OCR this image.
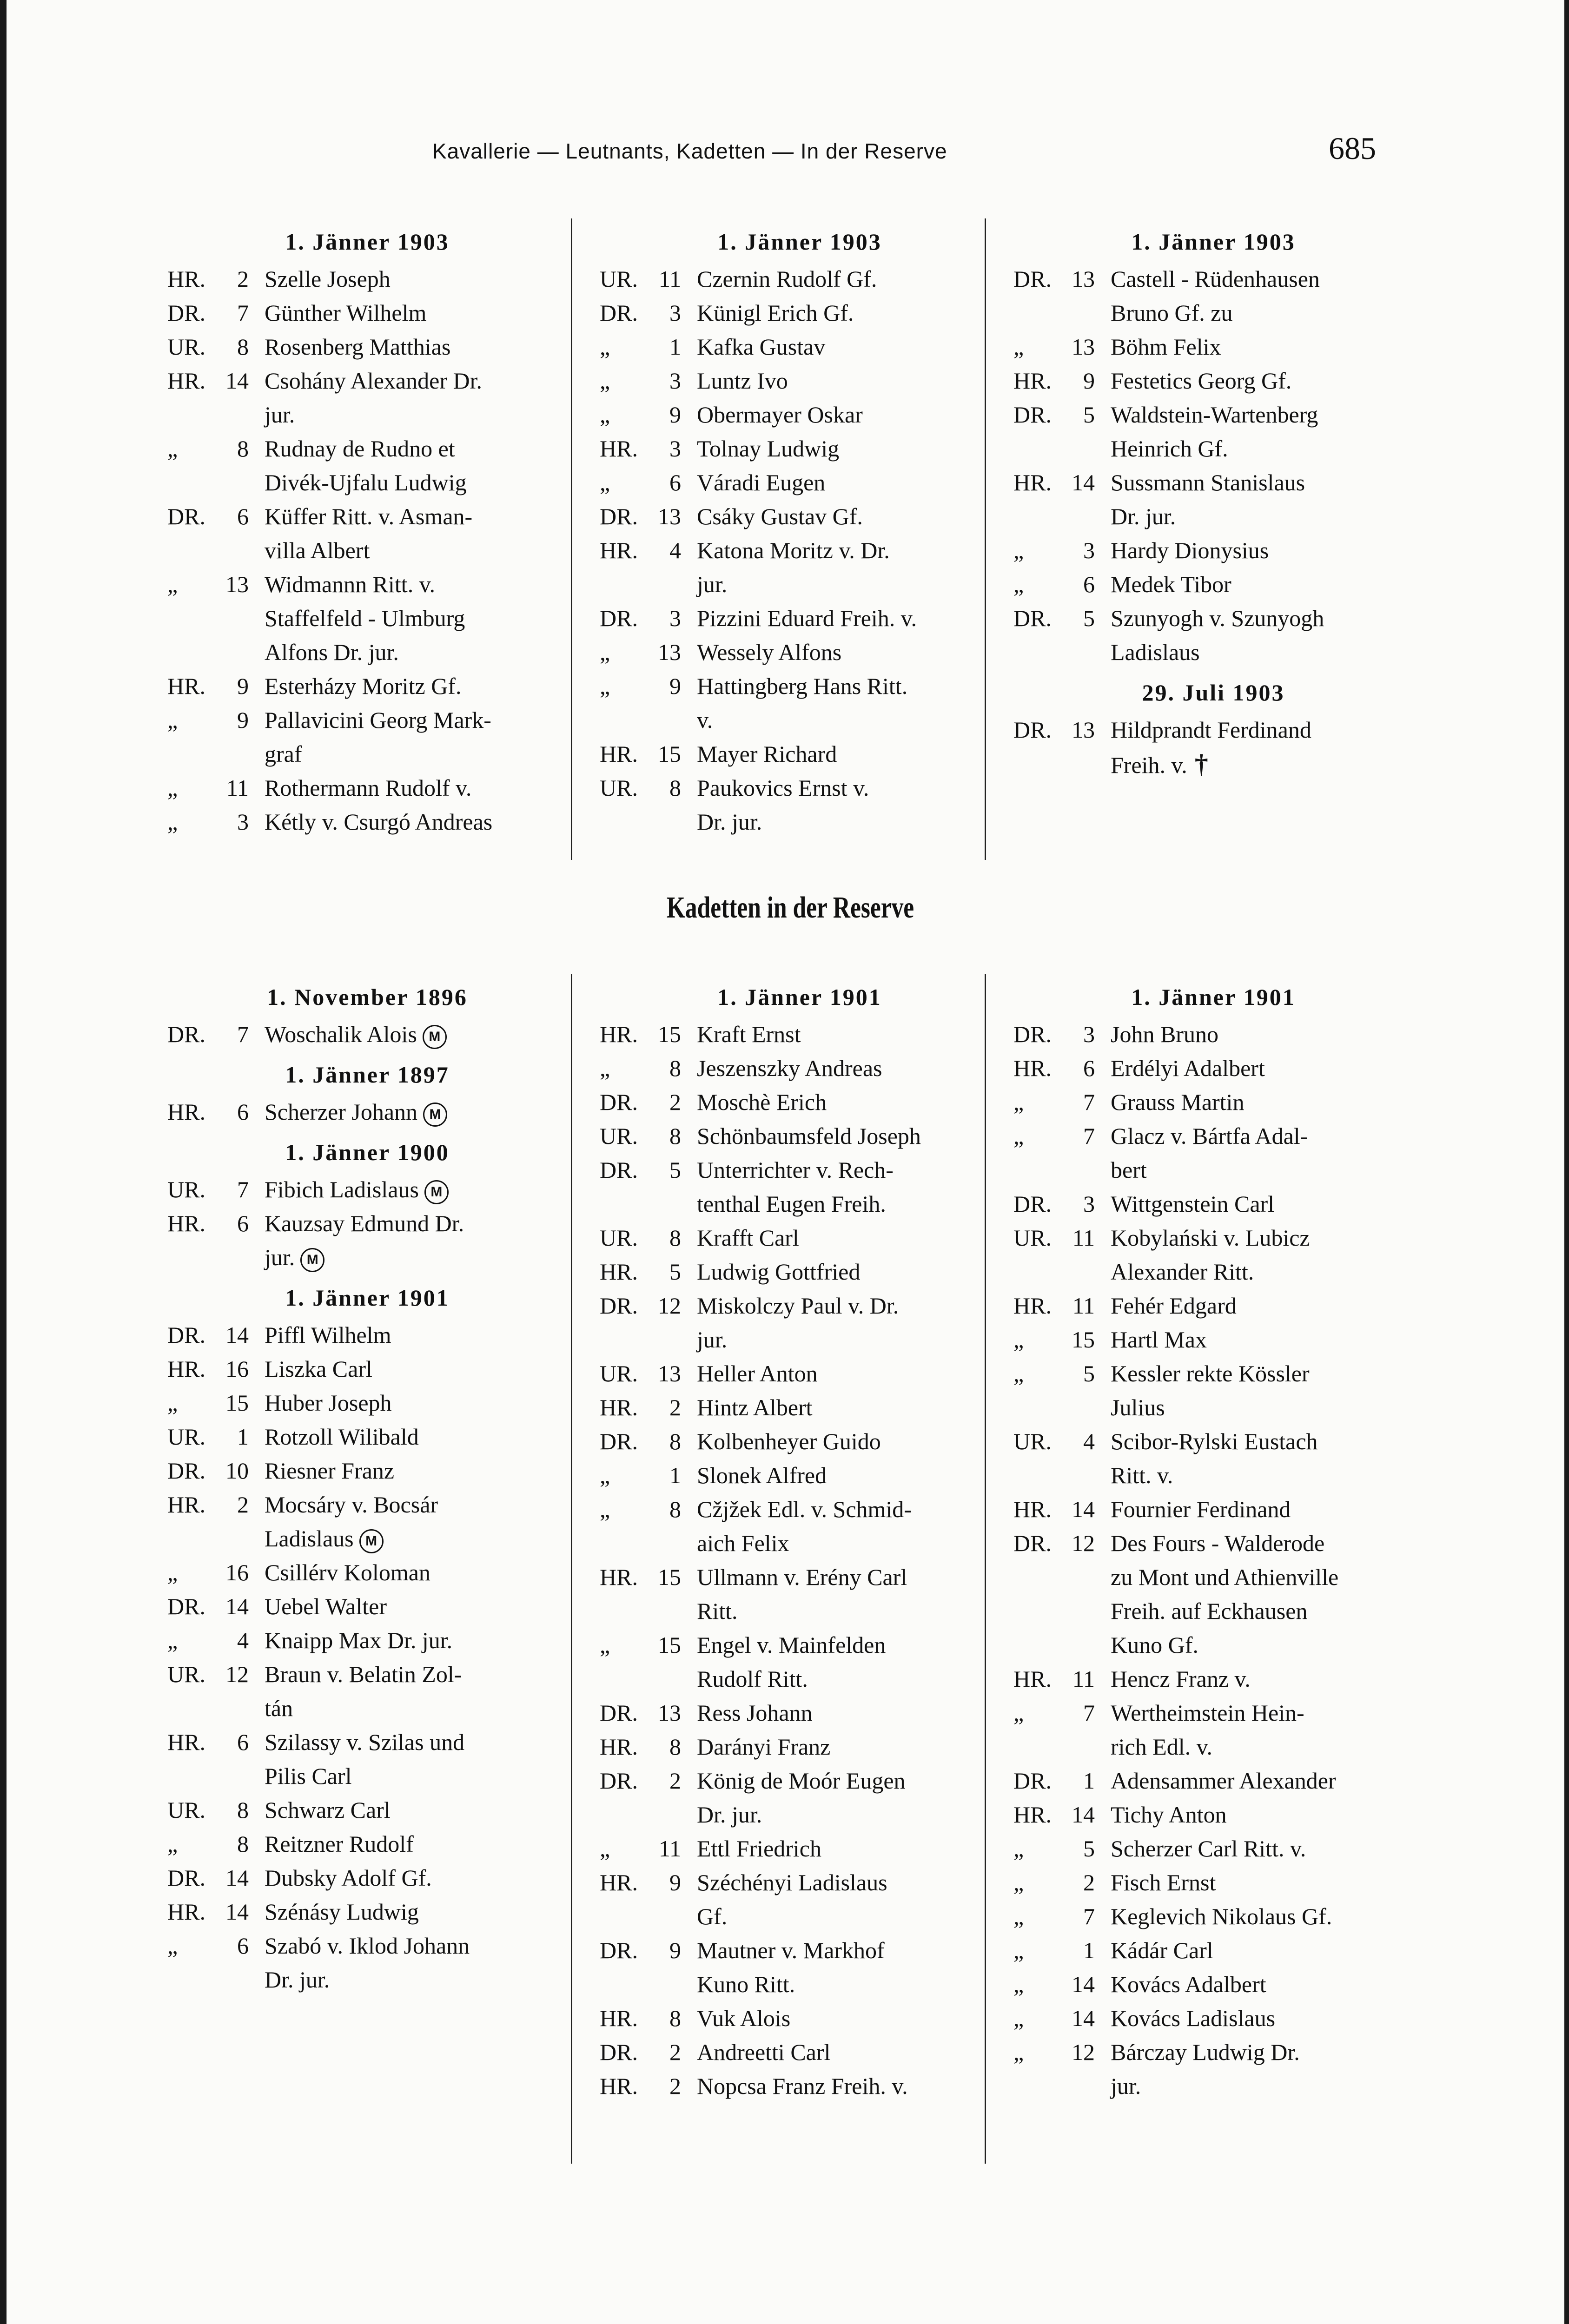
Kavallerie — Leutnants, Kadetten — In der Reserve	685
1. Jänner 1903
HR.	2 Szelle Joseph
DR.	7 Günther Wilhelm
UR.	8 Rosenberg Matthias
HR. 14 Csohány Alexander Dr.
jur.
„	8 Rudnay de Rudno et
Divék-Ujfalu Ludwig
DR.	6 Küffer Ritt. v. Asman-
villa Albert
„	13 Widmannn Ritt. v.
Staffelfeld - Ulmburg
Alfons Dr. jur.
HR.	9 Esterházy Moritz Gf.
„	9 Pallavicini Georg Mark-
graf
„	11 Rothermann Rudolf v.
„	3 Kétly v. Csurgó Andreas
1. Jänner 1903
UR. 11 Czernin Rudolf Gf.
DR.	3 Künigl Erich Gf.
„	1 Kafka Gustav
„	3 Luntz Ivo
„	9 Obermayer Oskar
HR.	3 Tolnay Ludwig
„	6 Váradi Eugen
DR. 13 Csáky Gustav Gf.
HR.	4 Katona Moritz v. Dr.
jur.
DR.	3 Pizzini Eduard Freih. v.
„	13 Wessely Alfons
„	9 Hattingberg Hans Ritt.
v.
HR. 15 Mayer Richard
UR.	8 Paukovics Ernst v.
Dr. jur.
1. Jänner 1903
DR. 13 Castell - Rüdenhausen
Bruno Gf. zu
„	13 Böhm Felix
HR.	9 Festetics Georg Gf.
DR.	5 Waldstein-Wartenberg
Heinrich Gf.
HR. 14 Sussmann Stanislaus
Dr. jur.
„	3 Hardy Dionysius
„	6 Medek Tibor
DR.	5 Szunyogh v. Szunyogh
Ladislaus
29. Juli 1903
DR. 13 Hildprandt Ferdinand
Freih. v. †
Kadetten in der Reserve
1. November 1896
DR.	7 Woschalik Alois M
1. Jänner 1897
HR.	6 Scherzer Johann M
1. Jänner 1900
UR.	7 Fibich Ladislaus M
HR.	6 Kauzsay Edmund Dr.
jur. M
1. Jänner 1901
DR. 14 Piffl Wilhelm
HR. 16 Liszka Carl
„	15 Huber Joseph
UR.	1 Rotzoll Wilibald
DR. 10 Riesner Franz
HR.	2 Mocsáry v. Bocsár
Ladislaus M
„	16 Csillérv Koloman
DR. 14 Uebel Walter
„	4 Knaipp Max Dr. jur.
UR. 12 Braun v. Belatin Zol-
tán
HR.	6 Szilassy v. Szilas und
Pilis Carl
UR.	8 Schwarz Carl
„	8 Reitzner Rudolf
DR. 14 Dubsky Adolf Gf.
HR. 14 Szénásy Ludwig
„	6 Szabó v. Iklod Johann
Dr. jur.
1. Jänner 1901
HR. 15 Kraft Ernst
„	8 Jeszenszky Andreas
DR.	2 Moschè Erich
UR.	8 Schönbaumsfeld Joseph
DR.	5 Unterrichter v. Rech-
tenthal Eugen Freih.
UR.	8 Krafft Carl
HR.	5 Ludwig Gottfried
DR. 12 Miskolczy Paul v. Dr.
jur.
UR. 13 Heller Anton
HR.	2 Hintz Albert
DR.	8 Kolbenheyer Guido
„	1 Slonek Alfred
„	8 Cžjžek Edl. v. Schmid-
aich Felix
HR. 15 Ullmann v. Erény Carl
Ritt.
„	15 Engel v. Mainfelden
Rudolf Ritt.
DR. 13 Ress Johann
HR.	8 Darányi Franz
DR.	2 König de Moór Eugen
Dr. jur.
„	11 Ettl Friedrich
HR.	9 Széchényi Ladislaus
Gf.
DR.	9 Mautner v. Markhof
Kuno Ritt.
HR.	8 Vuk Alois
DR.	2 Andreetti Carl
HR.	2 Nopcsa Franz Freih. v.
1. Jänner 1901
DR.	3 John Bruno
HR.	6 Erdélyi Adalbert
„	7 Grauss Martin
„	7 Glacz v. Bártfa Adal-
bert
DR.	3 Wittgenstein Carl
UR. 11 Kobylański v. Lubicz
Alexander Ritt.
HR. 11 Fehér Edgard
„	15 Hartl Max
„	5 Kessler rekte Kössler
Julius
UR.	4 Scibor-Rylski Eustach
Ritt. v.
HR. 14 Fournier Ferdinand
DR. 12 Des Fours - Walderode
zu Mont und Athienville
Freih. auf Eckhausen
Kuno Gf.
HR. 11 Hencz Franz v.
„	7 Wertheimstein Hein-
rich Edl. v.
DR.	1 Adensammer Alexander
HR. 14 Tichy Anton
„	5 Scherzer Carl Ritt. v.
„	2 Fisch Ernst
„	7 Keglevich Nikolaus Gf.
„	1 Kádár Carl
„	14 Kovács Adalbert
„	14 Kovács Ladislaus
„	12 Bárczay Ludwig Dr.
jur.
